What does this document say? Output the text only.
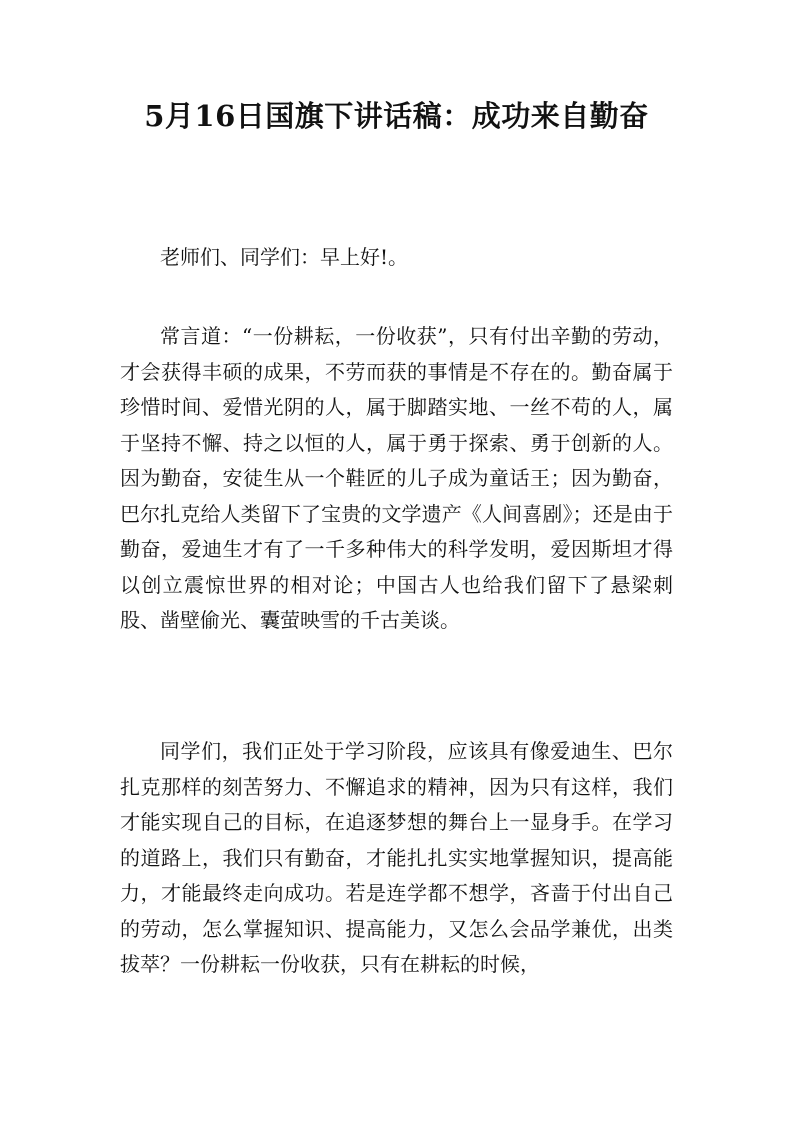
5月16日国旗下讲话稿：成功来自勤奋

老师们、同学们：早上好!。

常言道：“一份耕耘，一份收获”，只有付出辛勤的劳动，才会获得丰硕的成果，不劳而获的事情是不存在的。勤奋属于珍惜时间、爱惜光阴的人，属于脚踏实地、一丝不苟的人，属于坚持不懈、持之以恒的人，属于勇于探索、勇于创新的人。因为勤奋，安徒生从一个鞋匠的儿子成为童话王；因为勤奋，巴尔扎克给人类留下了宝贵的文学遗产《人间喜剧》；还是由于勤奋，爱迪生才有了一千多种伟大的科学发明，爱因斯坦才得以创立震惊世界的相对论；中国古人也给我们留下了悬梁刺股、凿壁偷光、囊萤映雪的千古美谈。

同学们，我们正处于学习阶段，应该具有像爱迪生、巴尔扎克那样的刻苦努力、不懈追求的精神，因为只有这样，我们才能实现自己的目标，在追逐梦想的舞台上一显身手。在学习的道路上，我们只有勤奋，才能扎扎实实地掌握知识，提高能力，才能最终走向成功。若是连学都不想学，吝啬于付出自己的劳动，怎么掌握知识、提高能力，又怎么会品学兼优，出类拔萃？一份耕耘一份收获，只有在耕耘的时候，
